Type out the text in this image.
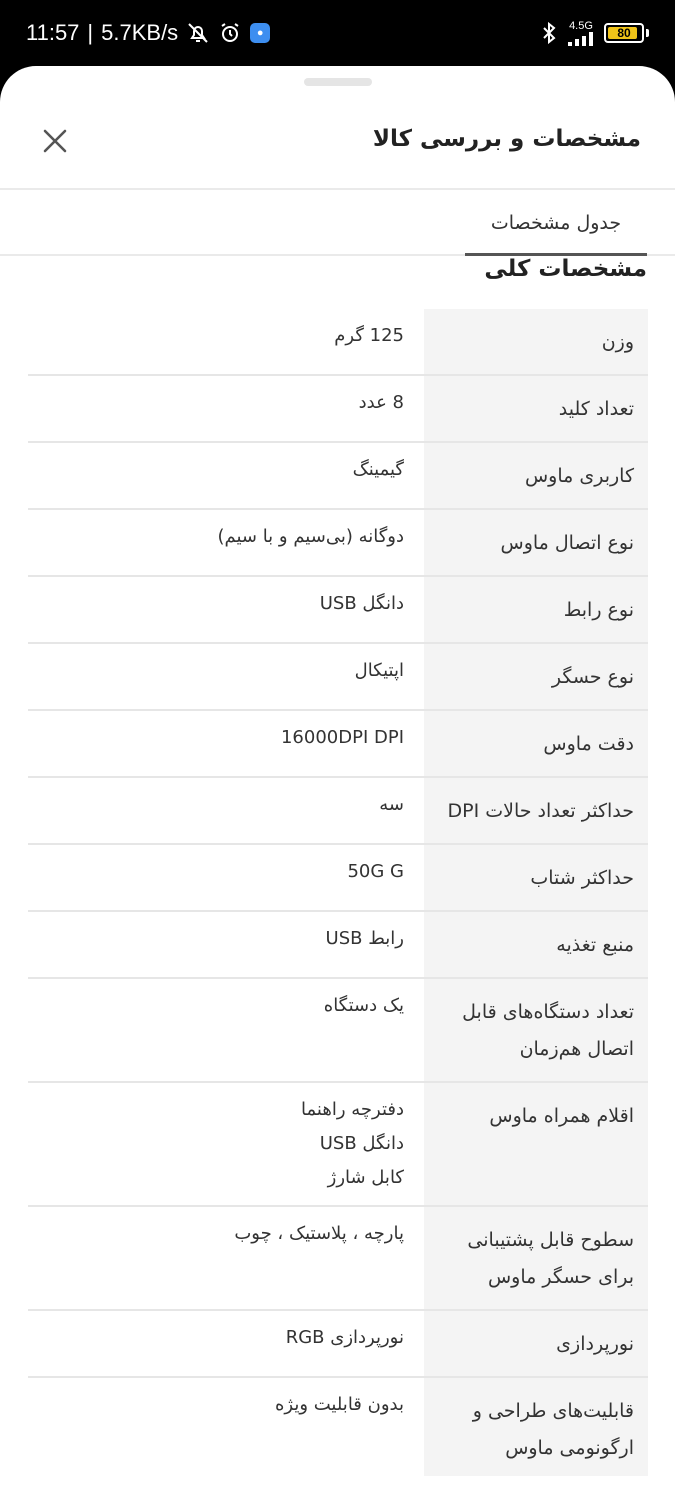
11:57 | 5.7KB/s	●
4.5G
80
مشخصات و بررسی کالا
جدول مشخصات
مشخصات کلی
وزن
125 گرم
تعداد کلید
8 عدد
کاربری ماوس
گیمینگ
نوع اتصال ماوس
دوگانه (بی‌سیم و با سیم)
نوع رابط
دانگل USB
نوع حسگر
اپتیکال
دقت ماوس
16000DPI DPI
حداکثر تعداد حالات DPI
سه
حداکثر شتاب
50G G
منبع تغذیه
رابط USB
تعداد دستگاه‌های قابل اتصال هم‌زمان
یک دستگاه
اقلام همراه ماوس
دفترچه راهنما
دانگل USB
کابل شارژ
سطوح قابل پشتیبانی برای حسگر ماوس
پارچه ، پلاستیک ، چوب
نورپردازی
نورپردازی RGB
قابلیت‌های طراحی و ارگونومی ماوس
بدون قابلیت ویژه
